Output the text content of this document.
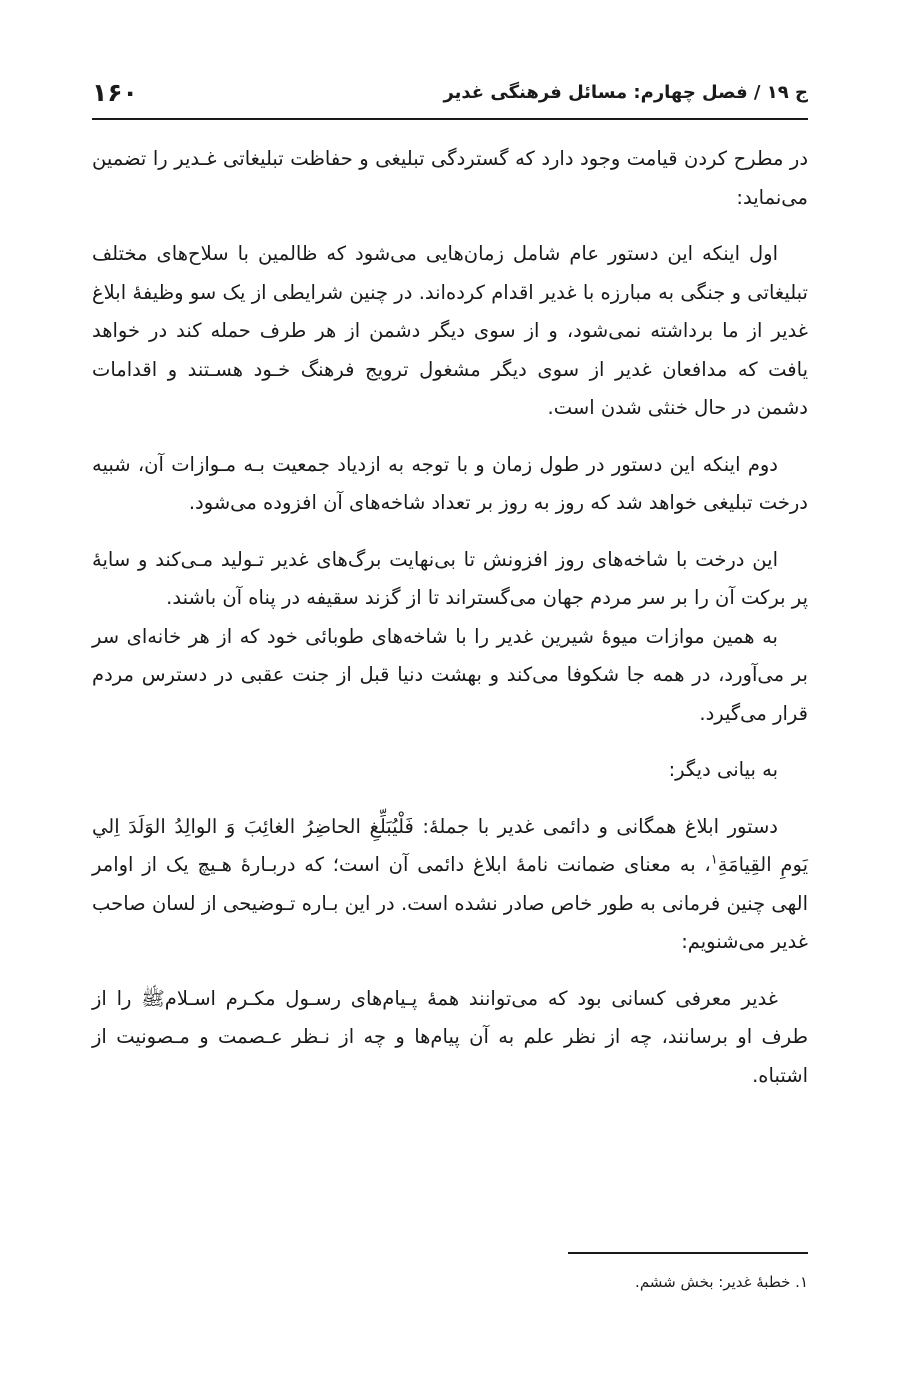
ج ۱۹ / فصل چهارم: مسائل فرهنگی غدیر
۱۶۰

در مطرح کردن قیامت وجود دارد که گستردگی تبلیغی و حفاظت تبلیغاتی غـدیر را تضمین می‌نماید:

اول اینکه این دستور عام شامل زمان‌هایی می‌شود که ظالمین با سلاح‌های مختلف تبلیغاتی و جنگی به مبارزه با غدیر اقدام کرده‌اند. در چنین شرایطی از یک سو وظیفهٔ ابلاغ غدیر از ما برداشته نمی‌شود، و از سوی دیگر دشمن از هر طرف حمله کند در خواهد یافت که مدافعان غدیر از سوی دیگر مشغول ترویج فرهنگ خـود هسـتند و اقدامات دشمن در حال خنثی شدن است.

دوم اینکه این دستور در طول زمان و با توجه به ازدیاد جمعیت بـه مـوازات آن، شبیه درخت تبلیغی خواهد شد که روز به روز بر تعداد شاخه‌های آن افزوده می‌شود.

این درخت با شاخه‌های روز افزونش تا بی‌نهایت برگ‌های غدیر تـولید مـی‌کند و سایهٔ پر برکت آن را بر سر مردم جهان می‌گستراند تا از گزند سقیفه در پناه آن باشند.

به همین موازات میوهٔ شیرین غدیر را با شاخه‌های طوبائی خود که از هر خانه‌ای سر بر می‌آورد، در همه جا شکوفا می‌کند و بهشت دنیا قبل از جنت عقبی در دسترس مردم قرار می‌گیرد.

به بیانی دیگر:

دستور ابلاغ همگانی و دائمی غدیر با جملهٔ: فَلْيُبَلِّغِ الحاضِرُ الغائِبَ وَ الوالِدُ الوَلَدَ اِلي يَومِ القِيامَةِ$^۱$، به معنای ضمانت نامهٔ ابلاغ دائمی آن است؛ که دربـارهٔ هـیچ یک از اوامر الهی چنین فرمانی به طور خاص صادر نشده است. در این بـاره تـوضیحی از لسان صاحب غدیر می‌شنویم:

غدیر معرفی کسانی بود که می‌توانند همهٔ پـیام‌های رسـول مکـرم اسـلامﷺ را از طرف او برسانند، چه از نظر علم به آن پیام‌ها و چه از نـظر عـصمت و مـصونیت از اشتباه.

۱. خطبهٔ غدیر: بخش ششم.
